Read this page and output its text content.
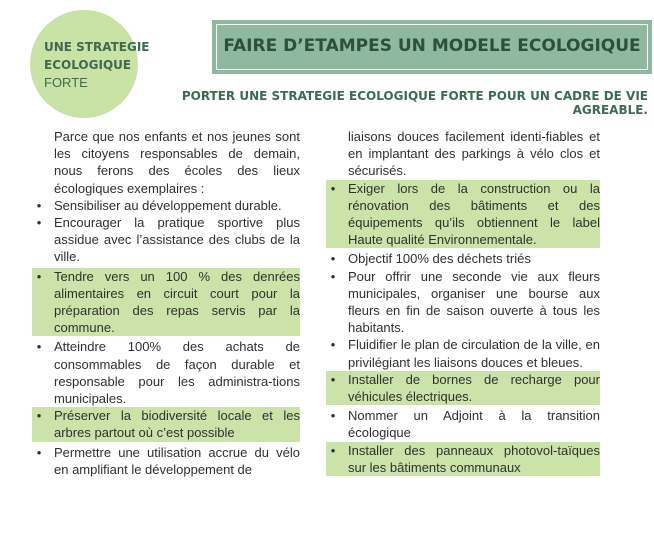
UNE STRATEGIE
ECOLOGIQUE
FORTE
FAIRE D’ETAMPES UN MODELE ECOLOGIQUE
PORTER UNE STRATEGIE ECOLOGIQUE FORTE POUR UN CADRE DE VIE AGREABLE.
Parce que nos enfants et nos jeunes sont les citoyens responsables de demain, nous ferons des écoles des lieux écologiques exemplaires :
• Sensibiliser au développement durable.
• Encourager la pratique sportive plus assidue avec l’assistance des clubs de la ville.
• Tendre vers un 100 % des denrées alimentaires en circuit court pour la préparation des repas servis par la commune.
• Atteindre 100% des achats de consommables de façon durable et responsable pour les administra-tions municipales.
• Préserver la biodiversité locale et les arbres partout où c’est possible
• Permettre une utilisation accrue du vélo en amplifiant le développement de
liaisons douces facilement identi-fiables et en implantant des parkings à vélo clos et sécurisés.
• Exiger lors de la construction ou la rénovation des bâtiments et des équipements qu’ils obtiennent le label Haute qualité Environnementale.
• Objectif 100% des déchets triés
• Pour offrir une seconde vie aux fleurs municipales, organiser une bourse aux fleurs en fin de saison ouverte à tous les habitants.
• Fluidifier le plan de circulation de la ville, en privilégiant les liaisons douces et bleues.
• Installer de bornes de recharge pour véhicules électriques.
• Nommer un Adjoint à la transition écologique
• Installer des panneaux photovol-taïques sur les bâtiments communaux
